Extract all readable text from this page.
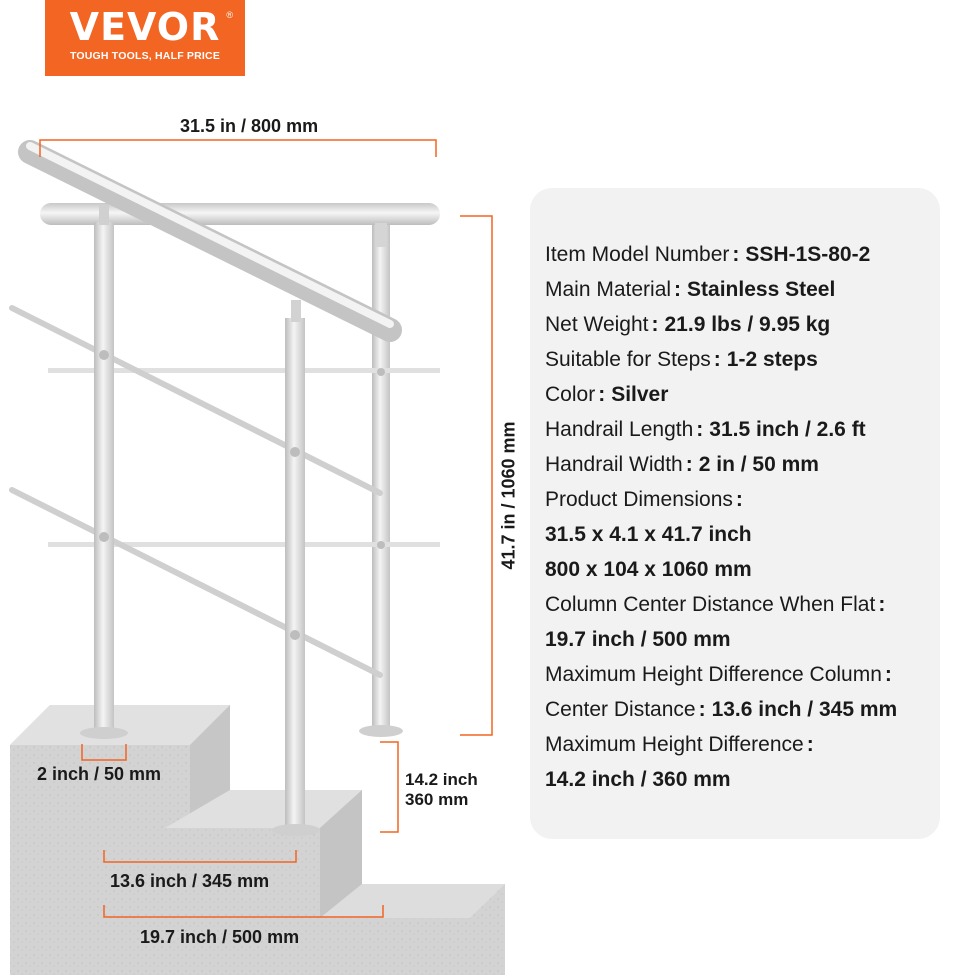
VEVOR ®
TOUGH TOOLS, HALF PRICE
31.5 in / 800 mm
41.7 in / 1060 mm
2 inch / 50 mm	14.2 inch
360 mm
13.6 inch / 345 mm
19.7 inch / 500 mm
Item Model Number : SSH-1S-80-2
Main Material : Stainless Steel
Net Weight : 21.9 lbs / 9.95 kg
Suitable for Steps : 1-2 steps
Color : Silver
Handrail Length : 31.5 inch / 2.6 ft
Handrail Width : 2 in / 50 mm
Product Dimensions :
31.5 x 4.1 x 41.7 inch
800 x 104 x 1060 mm
Column Center Distance When Flat :
19.7 inch / 500 mm
Maximum Height Difference Column :
Center Distance : 13.6 inch / 345 mm
Maximum Height Difference :
14.2 inch / 360 mm
